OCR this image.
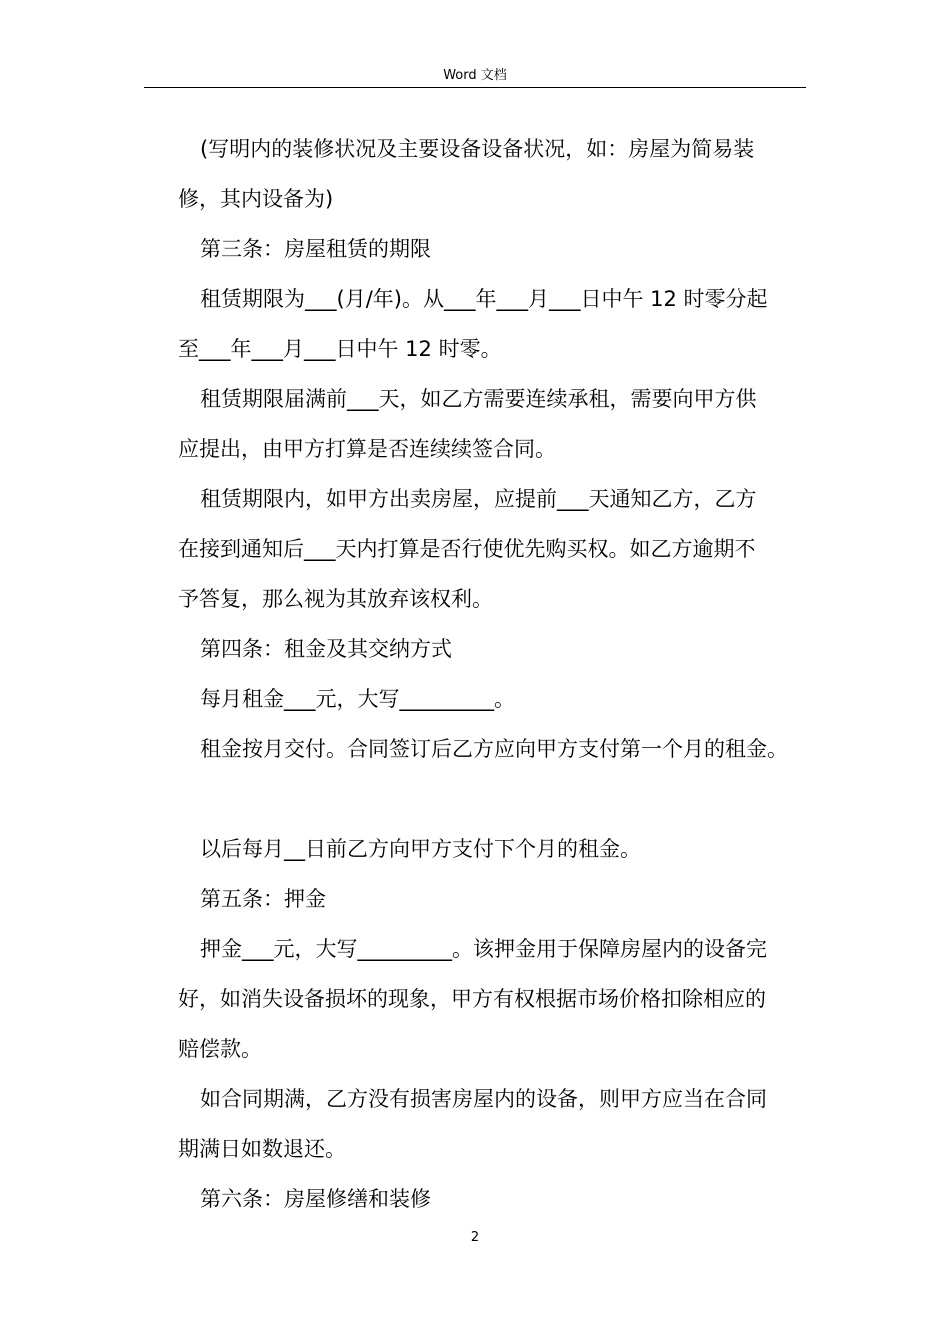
Word 文档
(写明内的装修状况及主要设备设备状况，如：房屋为简易装
修，其内设备为)
第三条：房屋租赁的期限
租赁期限为___(月/年)。从___年___月___日中午 12 时零分起
至___年___月___日中午 12 时零。
租赁期限届满前___天，如乙方需要连续承租，需要向甲方供
应提出，由甲方打算是否连续续签合同。
租赁期限内，如甲方出卖房屋，应提前___天通知乙方，乙方
在接到通知后___天内打算是否行使优先购买权。如乙方逾期不
予答复，那么视为其放弃该权利。
第四条：租金及其交纳方式
每月租金___元，大写_________。
租金按月交付。合同签订后乙方应向甲方支付第一个月的租金。
以后每月__日前乙方向甲方支付下个月的租金。
第五条：押金
押金___元，大写_________。该押金用于保障房屋内的设备完
好，如消失设备损坏的现象，甲方有权根据市场价格扣除相应的
赔偿款。
如合同期满，乙方没有损害房屋内的设备，则甲方应当在合同
期满日如数退还。
第六条：房屋修缮和装修
2
